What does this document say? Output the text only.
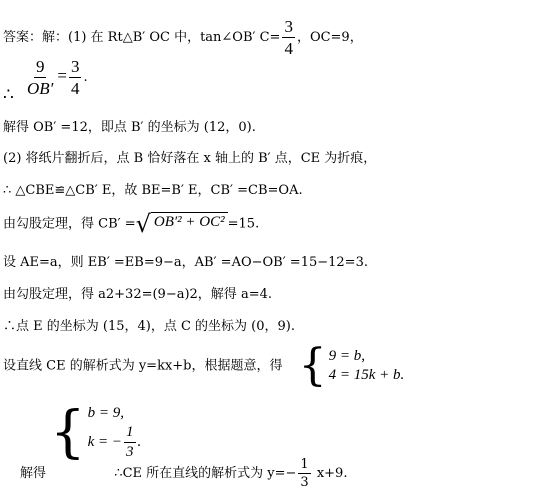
答案：解：(1) 在 Rt△B′ OC 中，tan∠OB′ $C= \frac{3}{4}$ ，OC=9，
$\frac{9}{OB'} = \frac{3}{4}$ .
∴
解得 OB′ =12，即点 B′ 的坐标为 (12，0).
(2) 将纸片翻折后，点 B 恰好落在 x 轴上的 B′ 点，CE 为折痕，
∴ △CBE≌△CB′ E，故 BE=B′ E，CB′ =CB=OA.
由勾股定理，得 CB′ = √ OB′² + OC² =15.
设 AE=a，则 EB′ =EB=9−a，AB′ =AO−OB′ =15−12=3.
由勾股定理，得 a2+32=(9−a)2，解得 a=4.
∴点 E 的坐标为 (15，4)，点 C 的坐标为 (0，9).
设直线 CE 的解析式为 y=kx+b，根据题意，得 { 9 = b,
4 = 15k + b.
{ b = 9,
k = − $\frac{1}{3}$ .
解得	∴CE 所在直线的解析式为 $y=- \frac{1}{3} x+9$.
